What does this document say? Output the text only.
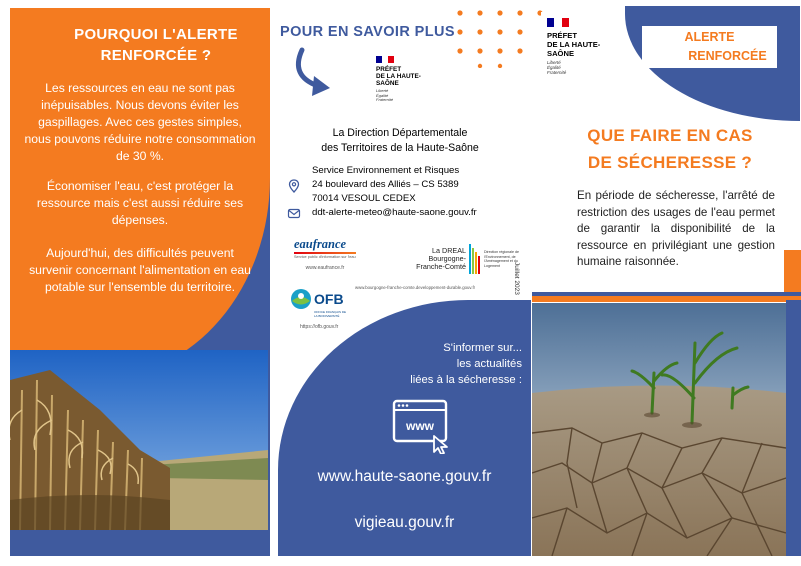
POURQUOI L'ALERTE
RENFORCÉE ?
Les ressources en eau ne sont pas inépuisables. Nous devons éviter les gaspillages. Avec ces gestes simples, nous pouvons réduire notre consommation de 30 %.
Économiser l'eau, c'est protéger la ressource mais c'est aussi réduire ses dépenses.
Aujourd'hui, des difficultés peuvent survenir concernant l'alimentation en eau potable sur l'ensemble du territoire.
POUR EN SAVOIR PLUS
PRÉFET
DE LA HAUTE-
SAÔNE
Liberté
Égalité
Fraternité
La Direction Départementale
des Territoires de la Haute-Saône
Service Environnement et Risques
24 boulevard des Alliés – CS 5389
70014 VESOUL CEDEX
ddt-alerte-meteo@haute-saone.gouv.fr
eaufrance
Service public d'information sur l'eau
www.eaufrance.fr
La DREAL
Bourgogne-
Franche-Comté
Direction régionale de l'Environnement, de l'Aménagement et du Logement
www.bourgogne-franche-comte.developpement-durable.gouv.fr	Juillet 2023
OFB
OFFICE FRANÇAIS DE LA BIODIVERSITÉ
https://ofb.gouv.fr
S'informer sur...
les actualités
liées à la sécheresse :
www
www.haute-saone.gouv.fr
vigieau.gouv.fr
PRÉFET
DE LA HAUTE-
SAÔNE
Liberté
Égalité
Fraternité
ALERTE
RENFORCÉE
QUE FAIRE EN CAS
DE SÉCHERESSE ?
En période de sécheresse, l'arrêté de restriction des usages de l'eau permet de garantir la disponibilité de la ressource en privilégiant une gestion humaine raisonnée.
